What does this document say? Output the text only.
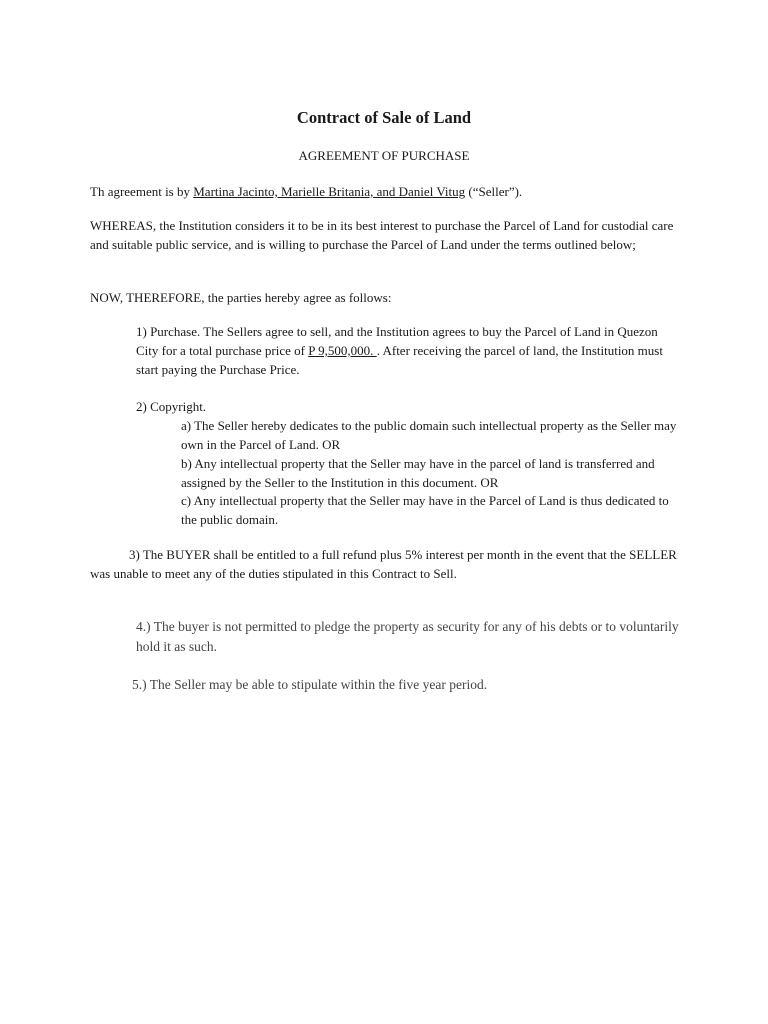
Contract of Sale of Land
AGREEMENT OF PURCHASE

Th agreement is by Martina Jacinto, Marielle Britania, and Daniel Vitug (“Seller”).

WHEREAS, the Institution considers it to be in its best interest to purchase the Parcel of Land for custodial care and suitable public service, and is willing to purchase the Parcel of Land under the terms outlined below;

NOW, THEREFORE, the parties hereby agree as follows:

1) Purchase. The Sellers agree to sell, and the Institution agrees to buy the Parcel of Land in Quezon City for a total purchase price of P 9,500,000. . After receiving the parcel of land, the Institution must start paying the Purchase Price.

2) Copyright.

a) The Seller hereby dedicates to the public domain such intellectual property as the Seller may own in the Parcel of Land. OR
b) Any intellectual property that the Seller may have in the parcel of land is transferred and assigned by the Seller to the Institution in this document. OR
c) Any intellectual property that the Seller may have in the Parcel of Land is thus dedicated to the public domain.

3) The BUYER shall be entitled to a full refund plus 5% interest per month in the event that the SELLER was unable to meet any of the duties stipulated in this Contract to Sell.

4.) The buyer is not permitted to pledge the property as security for any of his debts or to voluntarily hold it as such.

5.) The Seller may be able to stipulate within the five year period.
